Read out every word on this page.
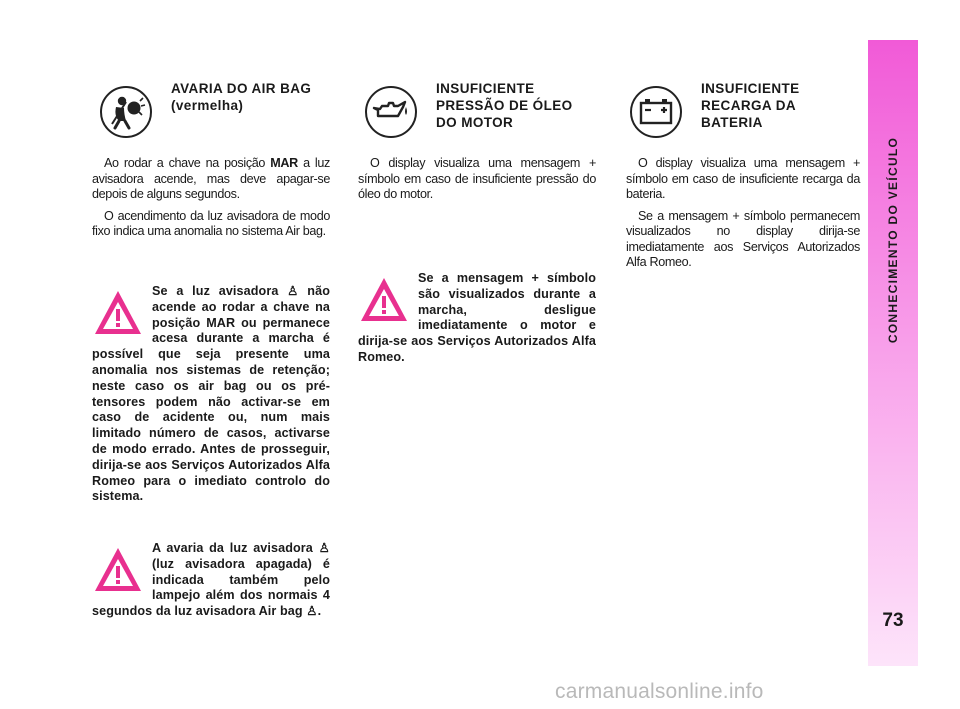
AVARIA DO AIR BAG
(vermelha)

Ao rodar a chave na posição MAR a luz avisadora acende, mas deve apagar-se depois de alguns segundos.

O acendimento da luz avisadora de modo fixo indica uma anomalia no sistema Air bag.

Se a luz avisadora ♙ não acende ao rodar a chave na posição MAR ou permanece acesa durante a marcha é possível que seja presente uma anomalia nos sistemas de retenção; neste caso os air bag ou os pré-tensores podem não activar-se em caso de acidente ou, num mais limitado número de casos, activarse de modo errado. Antes de prosseguir, dirija-se aos Serviços Autorizados Alfa Romeo para o imediato controlo do sistema.
A avaria da luz avisadora ♙ (luz avisadora apagada) é indicada também pelo lampejo além dos normais 4 segundos da luz avisadora Air bag ♙.
INSUFICIENTE
PRESSÃO DE ÓLEO
DO MOTOR

O display visualiza uma mensagem + símbolo em caso de insuficiente pressão do óleo do motor.

Se a mensagem + símbolo são visualizados durante a marcha, desligue imediatamente o motor e dirija-se aos Serviços Autorizados Alfa Romeo.
INSUFICIENTE
RECARGA DA
BATERIA

O display visualiza uma mensagem + símbolo em caso de insuficiente recarga da bateria.

Se a mensagem + símbolo permanecem visualizados no display dirija-se imediatamente aos Serviços Autorizados Alfa Romeo.	CONHECIMENTO DO VEÍCULO
73
carmanualsonline.info
